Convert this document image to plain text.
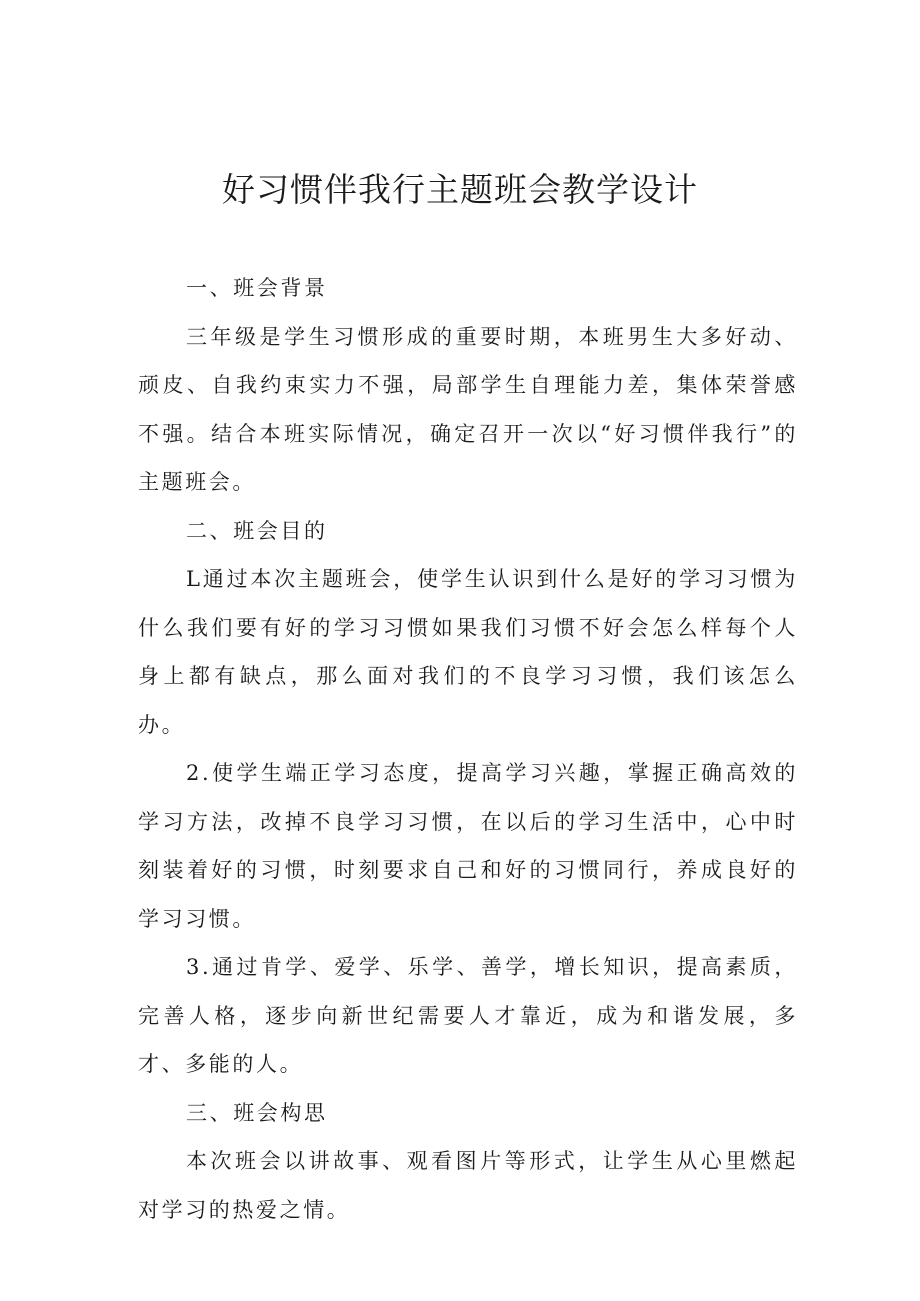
好习惯伴我行主题班会教学设计

一、班会背景

三年级是学生习惯形成的重要时期，本班男生大多好动、顽皮、自我约束实力不强，局部学生自理能力差，集体荣誉感不强。结合本班实际情况，确定召开一次以“好习惯伴我行”的主题班会。

二、班会目的

L通过本次主题班会，使学生认识到什么是好的学习习惯为什么我们要有好的学习习惯如果我们习惯不好会怎么样每个人身上都有缺点，那么面对我们的不良学习习惯，我们该怎么办。

2.使学生端正学习态度，提高学习兴趣，掌握正确高效的学习方法，改掉不良学习习惯，在以后的学习生活中，心中时刻装着好的习惯，时刻要求自己和好的习惯同行，养成良好的学习习惯。

3.通过肯学、爱学、乐学、善学，增长知识，提高素质，完善人格，逐步向新世纪需要人才靠近，成为和谐发展，多才、多能的人。

三、班会构思

本次班会以讲故事、观看图片等形式，让学生从心里燃起对学习的热爱之情。
